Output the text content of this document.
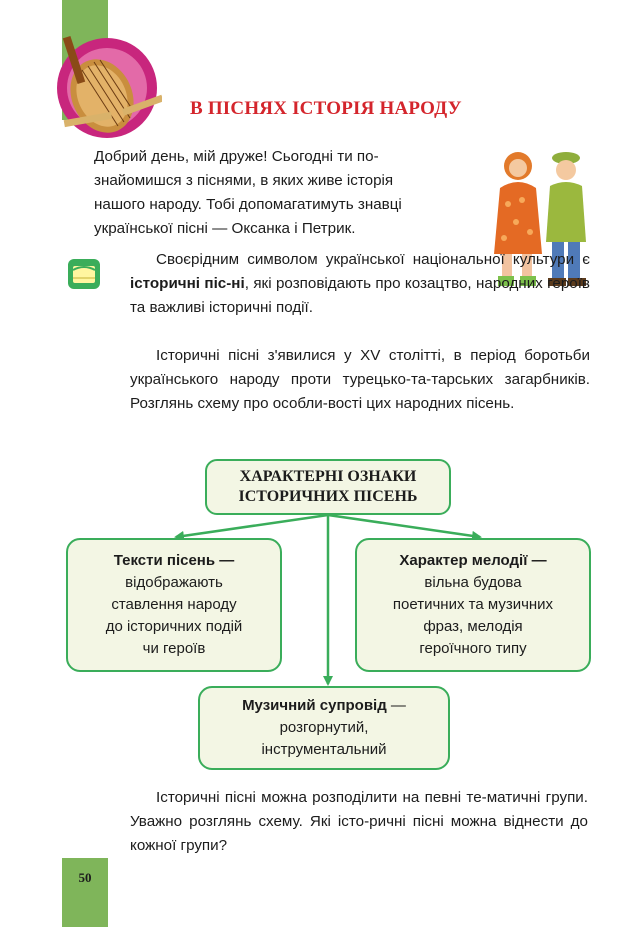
В ПІСНЯХ ІСТОРІЯ НАРОДУ

Добрий день, мій друже! Сьогодні ти по-
знайомишся з піснями, в яких живе історія
нашого народу. Тобі допомагатимуть знавці
української пісні — Оксанка і Петрик.

Своєрідним символом української національної культури є історичні піс-ні, які розповідають про козацтво, народних героїв та важливі історичні події.

Історичні пісні з'явилися у XV столітті, в період боротьби українського народу проти турецько-та-тарських загарбників. Розглянь схему про особли-вості цих народних пісень.

ХАРАКТЕРНІ ОЗНАКИ
ІСТОРИЧНИХ ПІСЕНЬ
Тексти пісень —
відображають
ставлення народу
до історичних подій
чи героїв
Характер мелодії —
вільна будова
поетичних та музичних
фраз, мелодія
героїчного типу
Музичний супровід —
розгорнутий,
інструментальний

Історичні пісні можна розподілити на певні те-матичні групи. Уважно розглянь схему. Які істо-ричні пісні можна віднести до кожної групи?

50
